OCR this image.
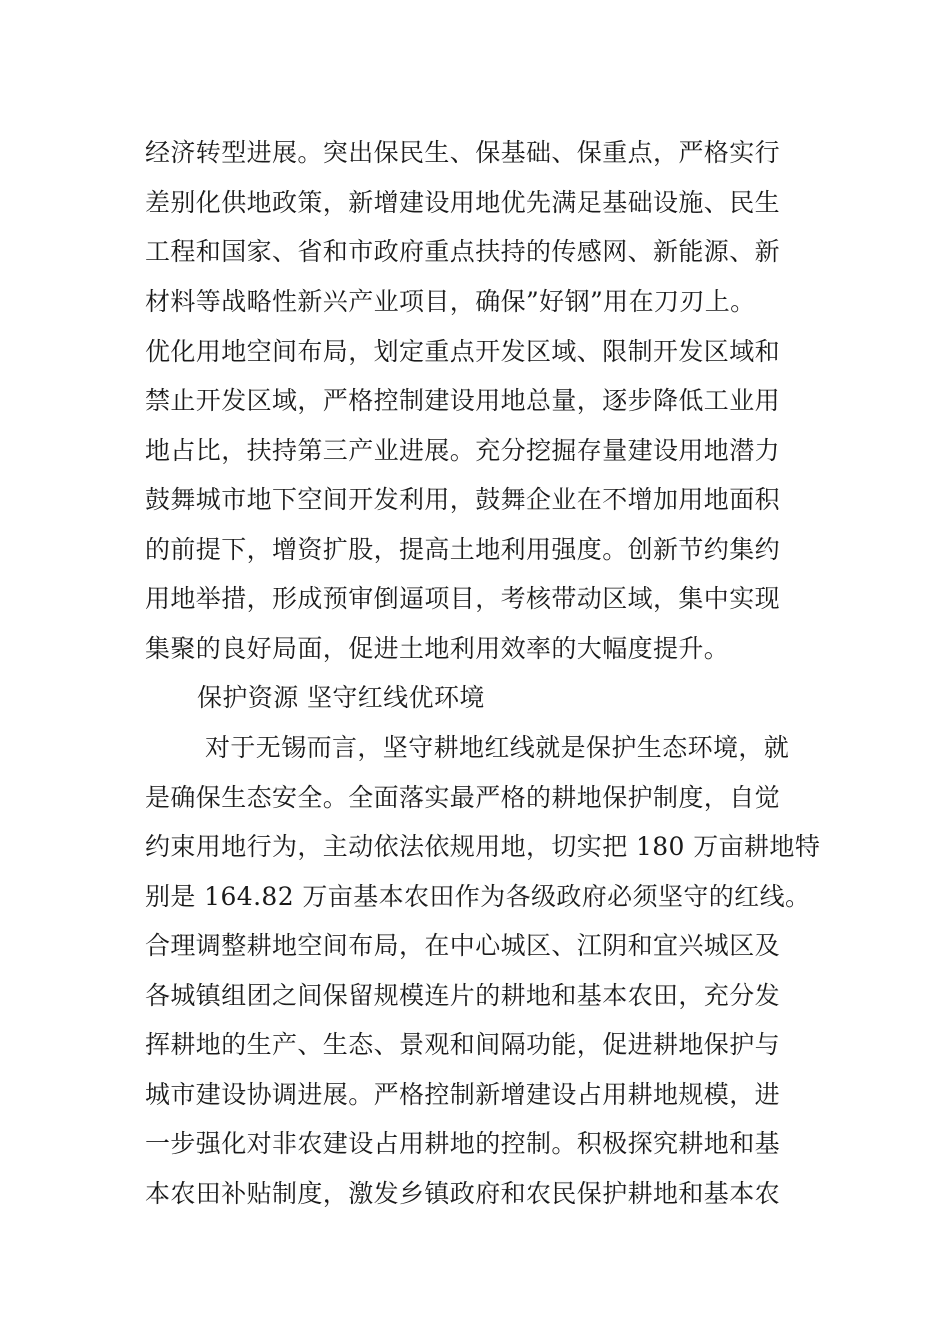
经济转型进展。突出保民生、保基础、保重点，严格实行
差别化供地政策，新增建设用地优先满足基础设施、民生
工程和国家、省和市政府重点扶持的传感网、新能源、新
材料等战略性新兴产业项目，确保”好钢”用在刀刃上。
优化用地空间布局，划定重点开发区域、限制开发区域和
禁止开发区域，严格控制建设用地总量，逐步降低工业用
地占比，扶持第三产业进展。充分挖掘存量建设用地潜力
鼓舞城市地下空间开发利用，鼓舞企业在不增加用地面积
的前提下，增资扩股，提高土地利用强度。创新节约集约
用地举措，形成预审倒逼项目，考核带动区域，集中实现
集聚的良好局面，促进土地利用效率的大幅度提升。
保护资源 坚守红线优环境
对于无锡而言，坚守耕地红线就是保护生态环境，就
是确保生态安全。全面落实最严格的耕地保护制度，自觉
约束用地行为，主动依法依规用地，切实把 180 万亩耕地特
别是 164.82 万亩基本农田作为各级政府必须坚守的红线。
合理调整耕地空间布局，在中心城区、江阴和宜兴城区及
各城镇组团之间保留规模连片的耕地和基本农田，充分发
挥耕地的生产、生态、景观和间隔功能，促进耕地保护与
城市建设协调进展。严格控制新增建设占用耕地规模，进
一步强化对非农建设占用耕地的控制。积极探究耕地和基
本农田补贴制度，激发乡镇政府和农民保护耕地和基本农
